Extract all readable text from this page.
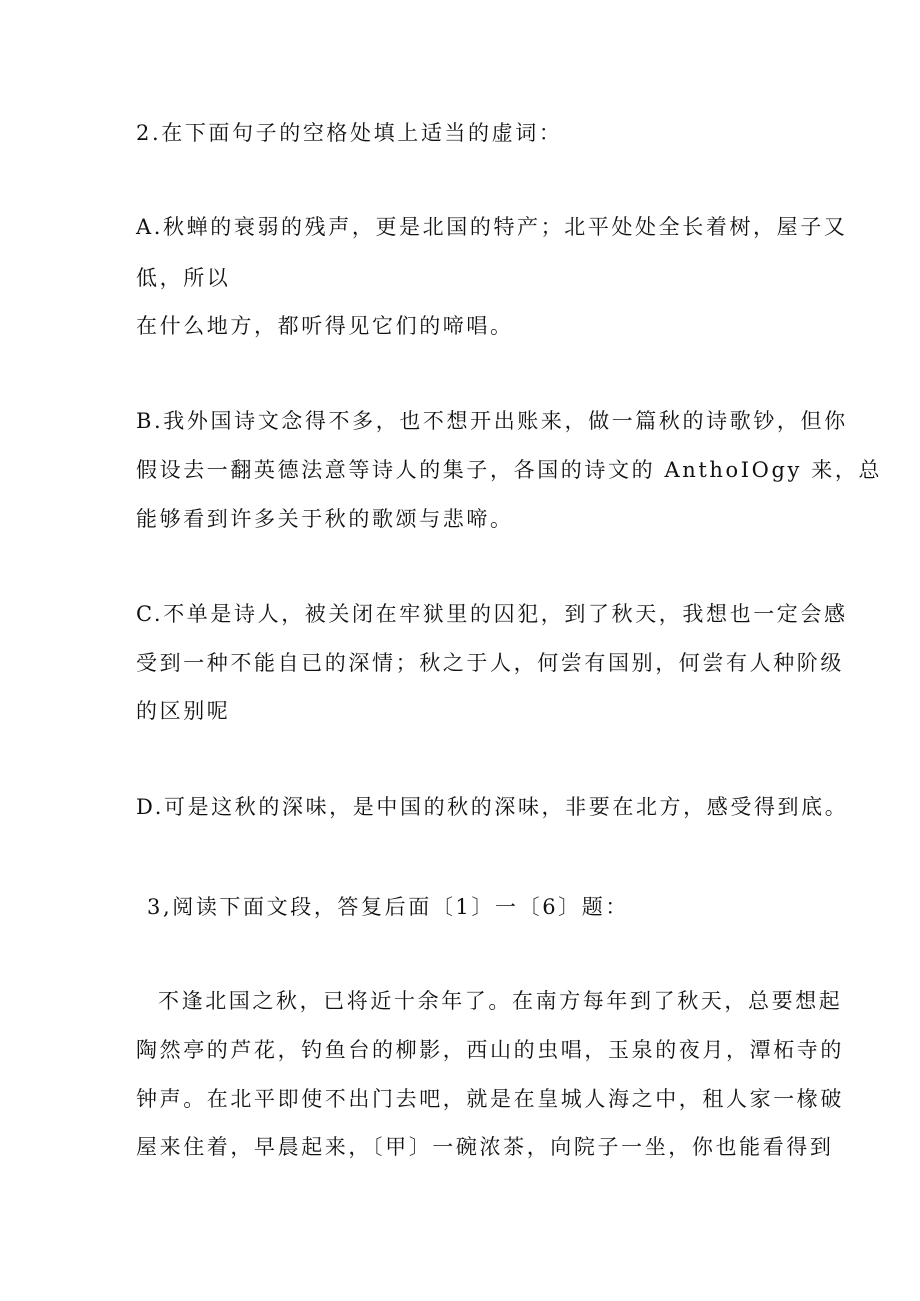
2.在下面句子的空格处填上适当的虚词：

A.秋蝉的衰弱的残声，更是北国的特产；北平处处全长着树，屋子又

低，所以

在什么地方，都听得见它们的啼唱。

B.我外国诗文念得不多，也不想开出账来，做一篇秋的诗歌钞，但你

假设去一翻英德法意等诗人的集子，各国的诗文的 AnthoIOgy 来，总

能够看到许多关于秋的歌颂与悲啼。

C.不单是诗人，被关闭在牢狱里的囚犯，到了秋天，我想也一定会感

受到一种不能自已的深情；秋之于人，何尝有国别，何尝有人种阶级

的区别呢

D.可是这秋的深味，是中国的秋的深味，非要在北方，感受得到底。

3,阅读下面文段，答复后面〔1〕一〔6〕题：

不逢北国之秋，已将近十余年了。在南方每年到了秋天，总要想起

陶然亭的芦花，钓鱼台的柳影，西山的虫唱，玉泉的夜月，潭柘寺的

钟声。在北平即使不出门去吧，就是在皇城人海之中，租人家一椽破

屋来住着，早晨起来，〔甲〕一碗浓茶，向院子一坐，你也能看得到
